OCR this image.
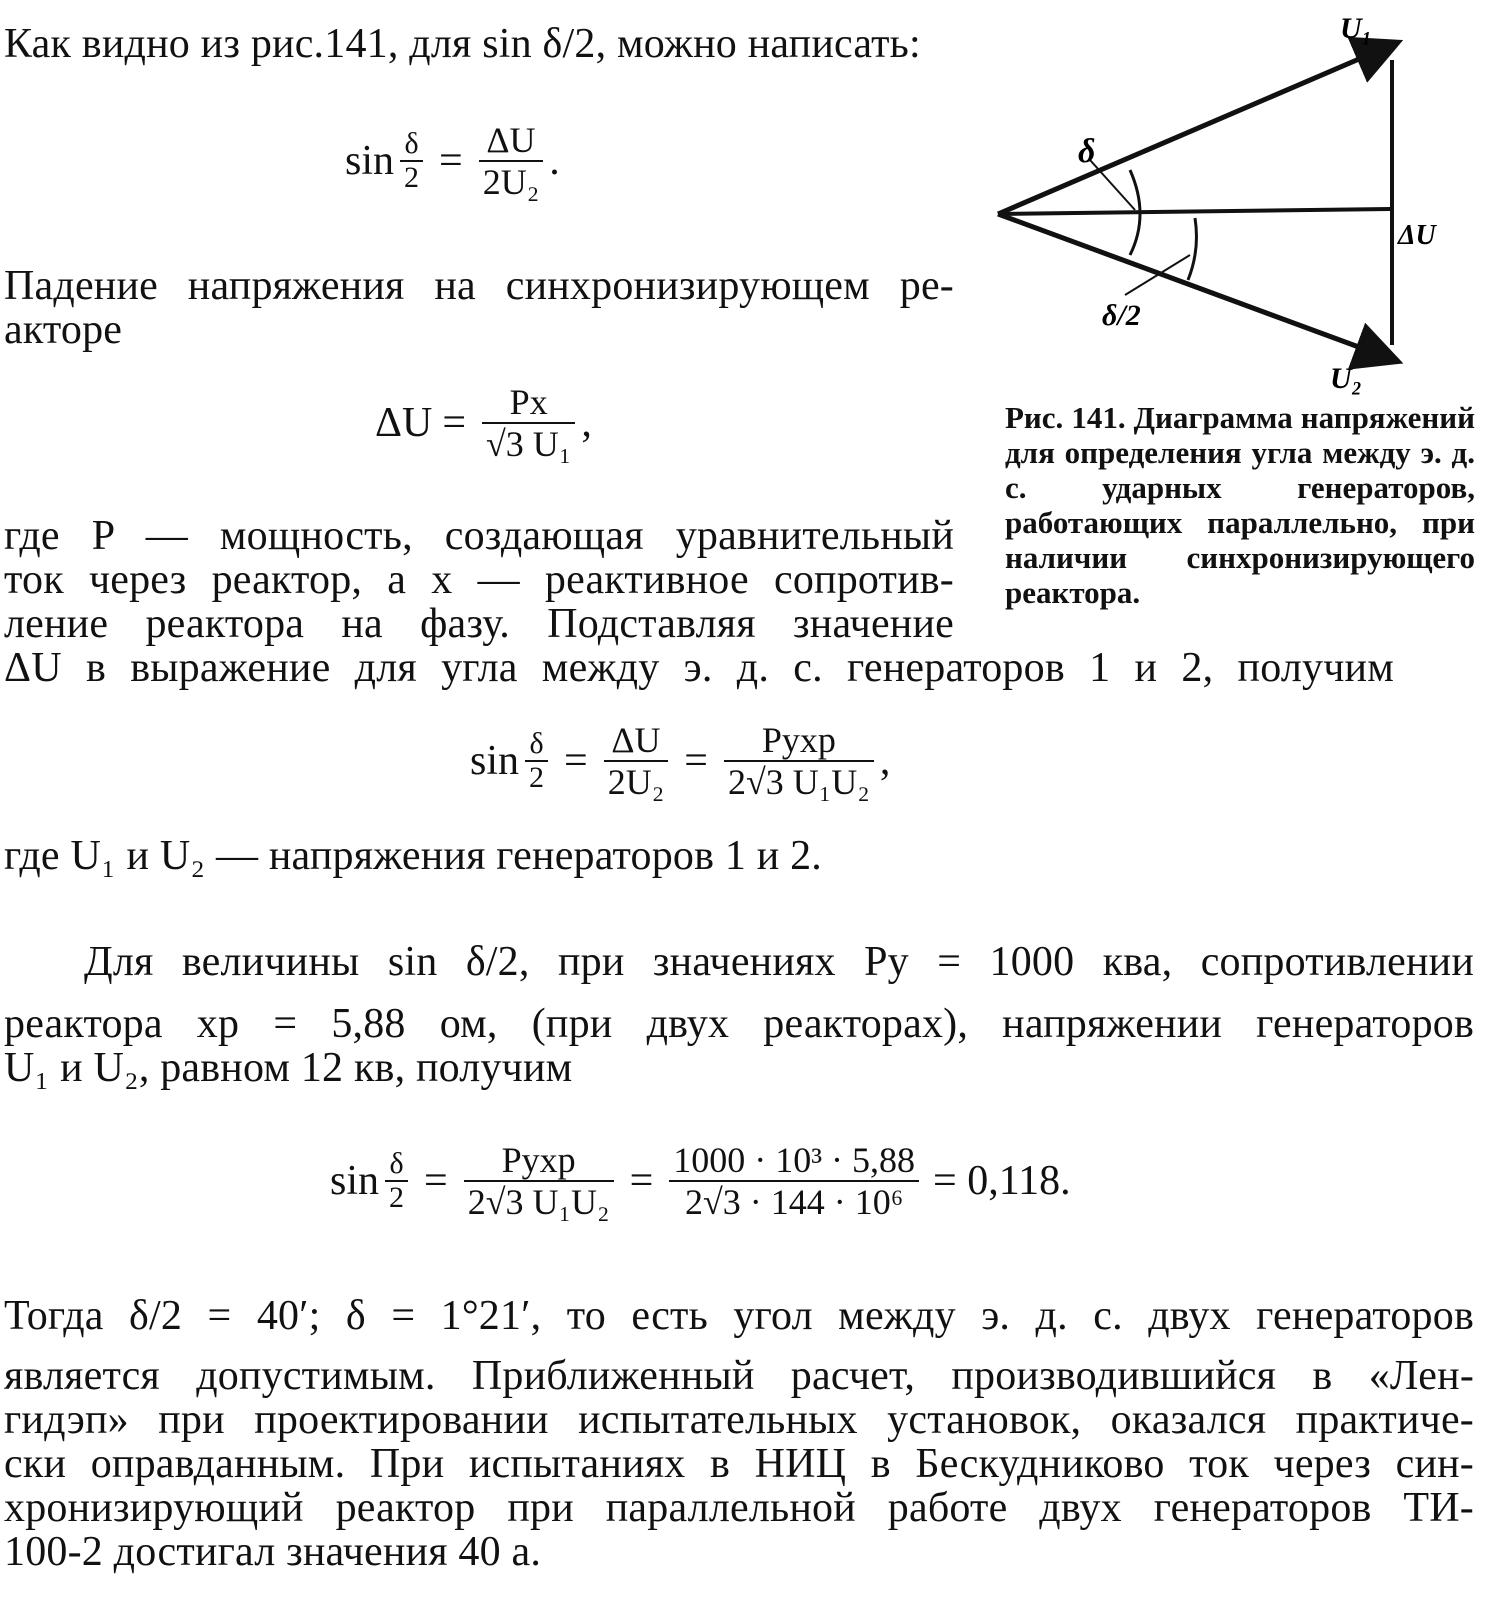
Как видно из рис.141, для sin δ/2, можно написать:
$\sin \frac{\delta}{2} = \frac{\Delta U}{\text{2U₂}}$ .
Падение напряжения на синхронизирующем ре-
акторе
$\Delta U = \frac{Px}{\text{√3 U₁}}$ ,
где P — мощность, создающая уравнительный
ток через реактор, а x — реактивное сопротив-
ление реактора на фазу. Подставляя значение
ΔU в выражение для угла между э. д. с. генераторов 1 и 2, получим
$\sin \frac{\delta}{2} = \frac{\Delta U}{\text{2U₂}} = \frac{\text{Pуxр}}{\text{2√3 U₁U₂}}$ ,
где U₁ и U₂ — напряжения генераторов 1 и 2.
Для величины sin δ/2, при значениях Pу = 1000 ква, сопротивлении
реактора xр = 5,88 ом, (при двух реакторах), напряжении генераторов
U₁ и U₂, равном 12 кв, получим
$\sin \frac{\delta}{2} = \frac{\text{Pуxр}}{\text{2√3 U₁U₂}} = \frac{\text{1000 · 10³ · 5,88}}{\text{2√3 · 144 · 10⁶}} = 0,118$.
Тогда δ/2 = 40′; δ = 1°21′, то есть угол между э. д. с. двух генераторов
является допустимым. Приближенный расчет, производившийся в «Лен-
гидэп» при проектировании испытательных установок, оказался практиче-
ски оправданным. При испытаниях в НИЦ в Бескудниково ток через син-
хронизирующий реактор при параллельной работе двух генераторов ТИ-
100-2 достигал значения 40 а.
U₁
U₂
ΔU
δ
δ/2
Рис. 141. Диаграмма напряжений для определения угла между э. д. с. ударных генераторов, работающих параллельно, при наличии синхронизирующего реактора.
